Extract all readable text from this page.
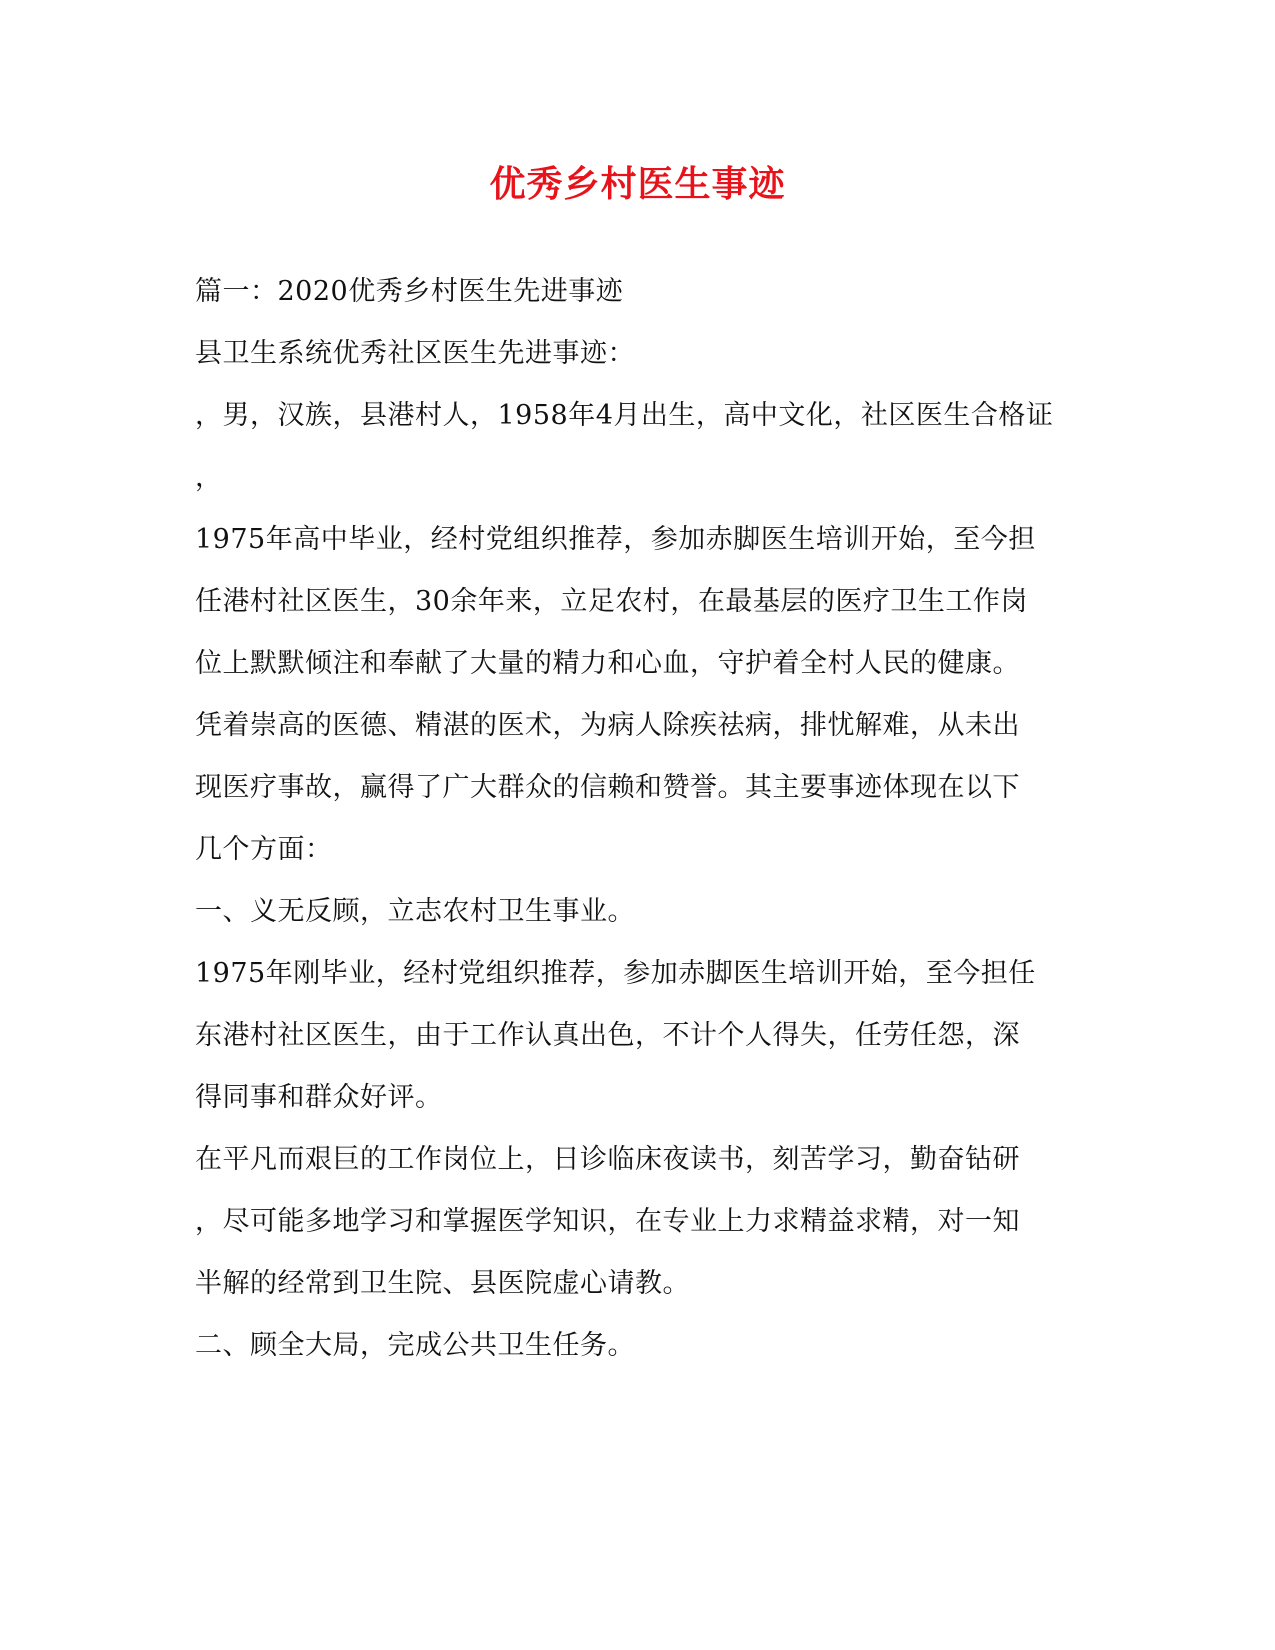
优秀乡村医生事迹
篇一：2020优秀乡村医生先进事迹
县卫生系统优秀社区医生先进事迹：
，男，汉族，县港村人，1958年4月出生，高中文化，社区医生合格证
，
1975年高中毕业，经村党组织推荐，参加赤脚医生培训开始，至今担
任港村社区医生，30余年来，立足农村，在最基层的医疗卫生工作岗
位上默默倾注和奉献了大量的精力和心血，守护着全村人民的健康。
凭着崇高的医德、精湛的医术，为病人除疾祛病，排忧解难，从未出
现医疗事故，赢得了广大群众的信赖和赞誉。其主要事迹体现在以下
几个方面：
一、义无反顾，立志农村卫生事业。
1975年刚毕业，经村党组织推荐，参加赤脚医生培训开始，至今担任
东港村社区医生，由于工作认真出色，不计个人得失，任劳任怨，深
得同事和群众好评。
在平凡而艰巨的工作岗位上，日诊临床夜读书，刻苦学习，勤奋钻研
，尽可能多地学习和掌握医学知识，在专业上力求精益求精，对一知
半解的经常到卫生院、县医院虚心请教。
二、顾全大局，完成公共卫生任务。
